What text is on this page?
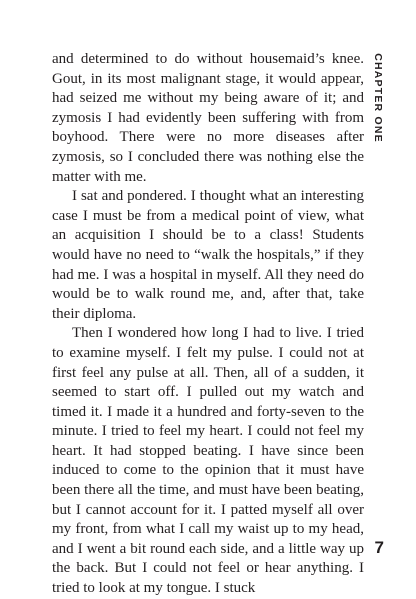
and determined to do without housemaid’s knee. Gout, in its most malignant stage, it would appear, had seized me without my being aware of it; and zymosis I had evidently been suffering with from boyhood. There were no more diseases after zymosis, so I concluded there was nothing else the matter with me.

I sat and pondered. I thought what an interesting case I must be from a medical point of view, what an acquisition I should be to a class! Students would have no need to “walk the hospitals,” if they had me. I was a hospital in myself. All they need do would be to walk round me, and, after that, take their diploma.

Then I wondered how long I had to live. I tried to examine myself. I felt my pulse. I could not at first feel any pulse at all. Then, all of a sudden, it seemed to start off. I pulled out my watch and timed it. I made it a hundred and forty-seven to the minute. I tried to feel my heart. I could not feel my heart. It had stopped beating. I have since been induced to come to the opinion that it must have been there all the time, and must have been beating, but I cannot account for it. I patted myself all over my front, from what I call my waist up to my head, and I went a bit round each side, and a little way up the back. But I could not feel or hear anything. I tried to look at my tongue. I stuck

CHAPTER ONE
7
